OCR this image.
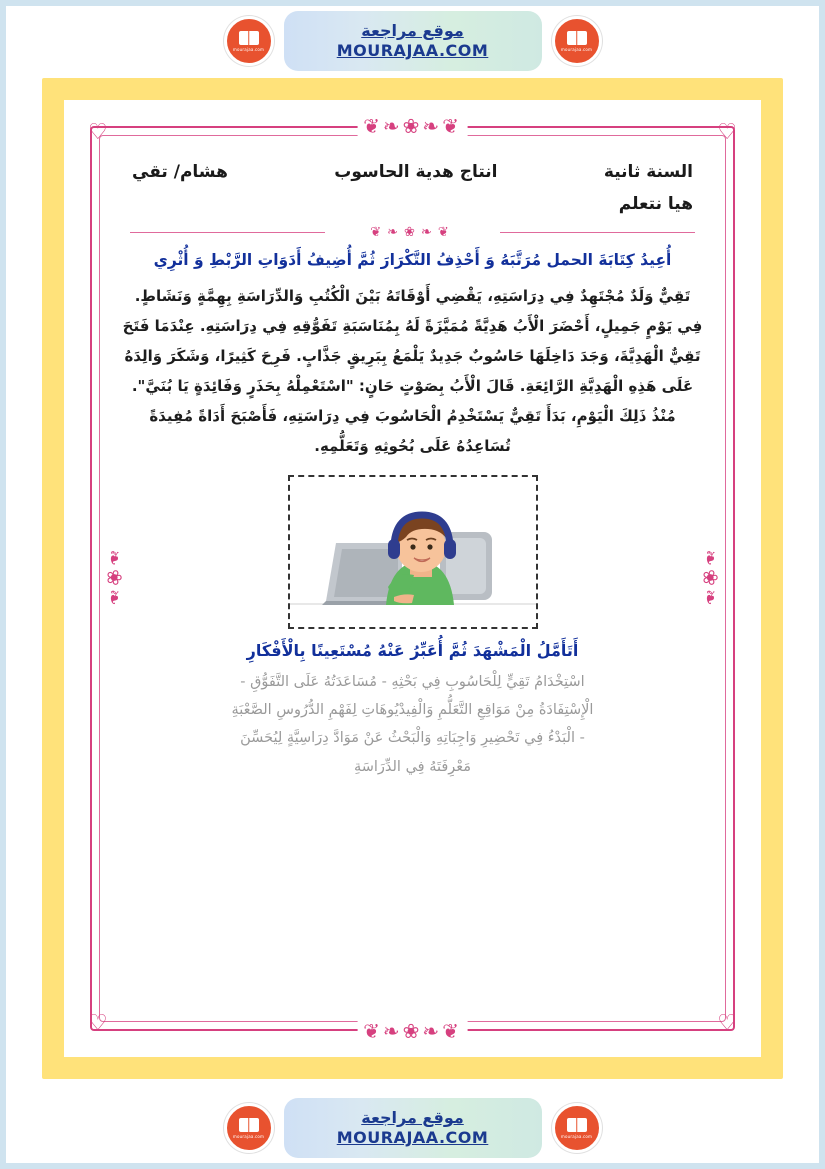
mourajaa.com
موقع مراجعة
MOURAJAA.COM
mourajaa.com
♡	♡
♡	♡
❦❧❀❧❦
❦❧❀❧❦
❧❀❧	❧❀❧
السنة ثانية
هيا نتعلم
انتاج هدية الحاسوب
هشام/ تقي
❦❧❀❧❦
أُعِيدُ كِتَابَةَ الحمل مُرَتَّبَهُ وَ أَحْذِفُ التَّكْرَارَ ثُمَّ أُضِيفُ أَدَوَاتِ الرَّبْطِ وَ أُثْرِي
تَقِيٌّ وَلَدٌ مُجْتَهِدٌ فِي دِرَاسَتِهِ، يَقْضِي أَوْقَاتَهُ بَيْنَ الْكُتُبِ وَالدِّرَاسَةِ بِهِمَّةٍ وَنَشَاطٍ. فِي يَوْمٍ جَمِيلٍ، أَحْضَرَ الْأَبُ هَدِيَّةً مُمَيَّزَةً لَهُ بِمُنَاسَبَةِ تَفَوُّقِهِ فِي دِرَاسَتِهِ. عِنْدَمَا فَتَحَ تَقِيٌّ الْهَدِيَّةَ، وَجَدَ دَاخِلَهَا حَاسُوبٌ جَدِيدٌ يَلْمَعُ بِبَرِيقٍ جَذَّابٍ. فَرِحَ كَثِيرًا، وَشَكَرَ وَالِدَهُ عَلَى هَذِهِ الْهَدِيَّةِ الرَّائِعَةِ. قَالَ الْأَبُ بِصَوْتٍ حَانٍ: "اسْتَعْمِلْهُ بِحَذَرٍ وَفَائِدَةٍ يَا بُنَيَّ". مُنْذُ ذَلِكَ الْيَوْمِ، بَدَأَ تَقِيٌّ يَسْتَخْدِمُ الْحَاسُوبَ فِي دِرَاسَتِهِ، فَأَصْبَحَ أَدَاةً مُفِيدَةً تُسَاعِدُهُ عَلَى بُحُوثِهِ وَتَعَلُّمِهِ.
أَتَأَمَّلُ الْمَشْهَدَ ثُمَّ أُعَبِّرُ عَنْهُ مُسْتَعِينًا بِالْأَفْكَارِ
اسْتِخْدَامُ تَقِيٍّ لِلْحَاسُوبِ فِي بَحْثِهِ - مُسَاعَدَتُهُ عَلَى التَّفَوُّقِ -
الْإِسْتِفَادَةُ مِنْ مَوَاقِعِ التَّعَلُّمِ وَالْفِيدْيُوهَاتِ لِفَهْمِ الدُّرُوسِ الصَّعْبَةِ
- الْبَدْءُ فِي تَحْضِيرِ وَاجِبَاتِهِ وَالْبَحْثُ عَنْ مَوَادَّ دِرَاسِيَّةٍ لِيُحَسِّنَ
مَعْرِفَتَهُ فِي الدِّرَاسَةِ
mourajaa.com
موقع مراجعة
MOURAJAA.COM
mourajaa.com
